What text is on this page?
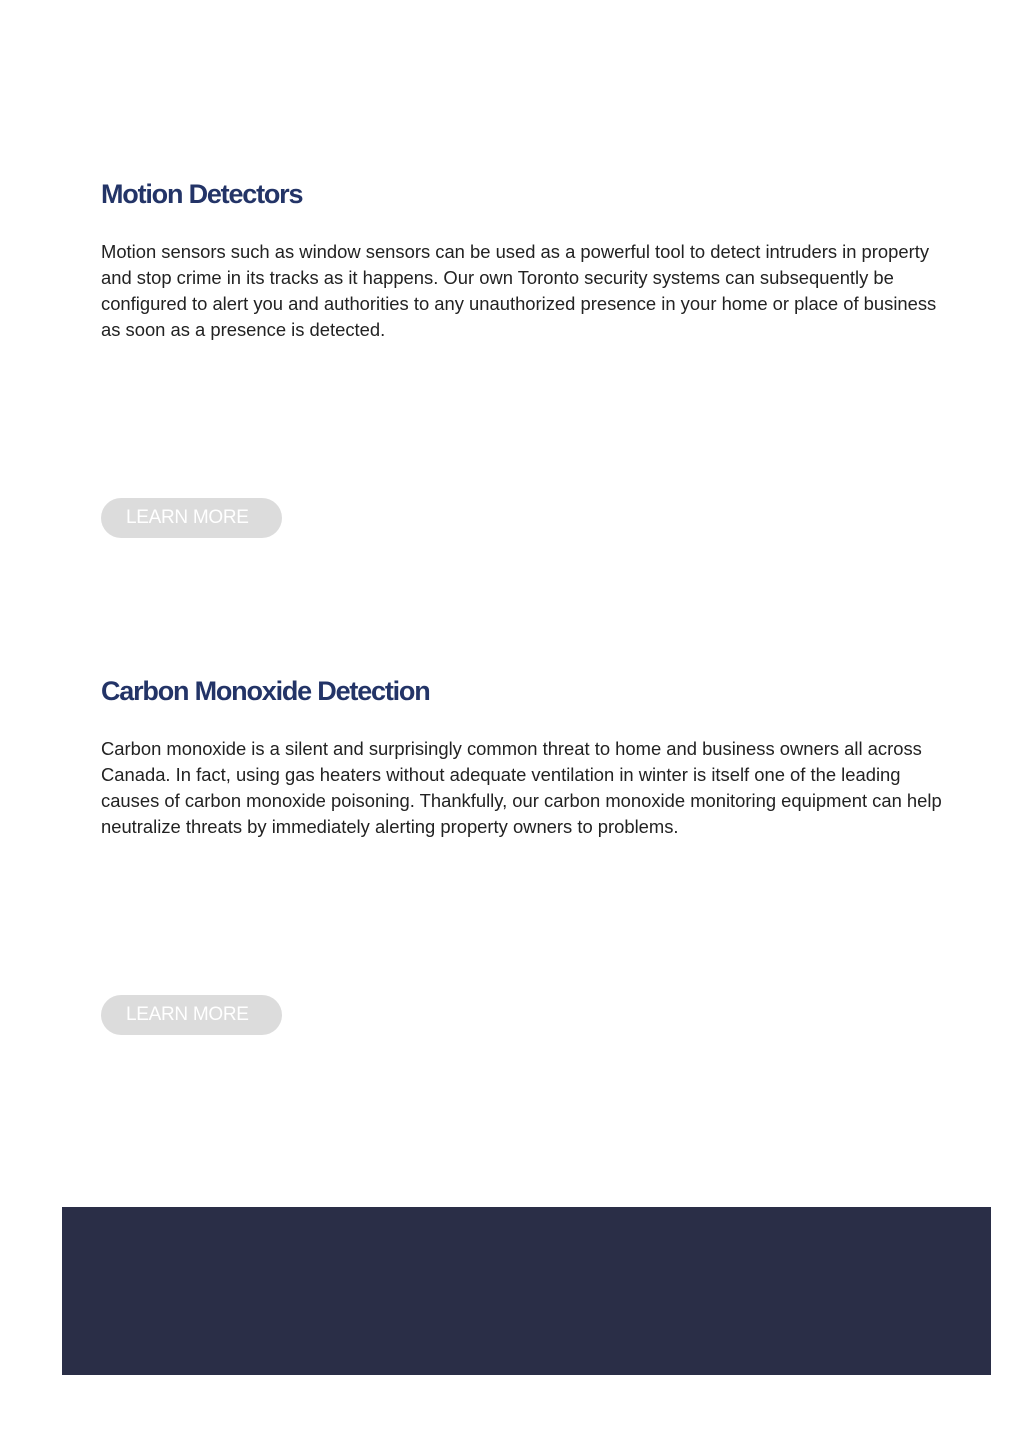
Motion Detectors

Motion sensors such as window sensors can be used as a powerful tool to detect intruders in property and stop crime in its tracks as it happens. Our own Toronto security systems can subsequently be configured to alert you and authorities to any unauthorized presence in your home or place of business as soon as a presence is detected.

LEARN MORE
Carbon Monoxide Detection

Carbon monoxide is a silent and surprisingly common threat to home and business owners all across Canada. In fact, using gas heaters without adequate ventilation in winter is itself one of the leading causes of carbon monoxide poisoning. Thankfully, our carbon monoxide monitoring equipment can help neutralize threats by immediately alerting property owners to problems.

LEARN MORE
